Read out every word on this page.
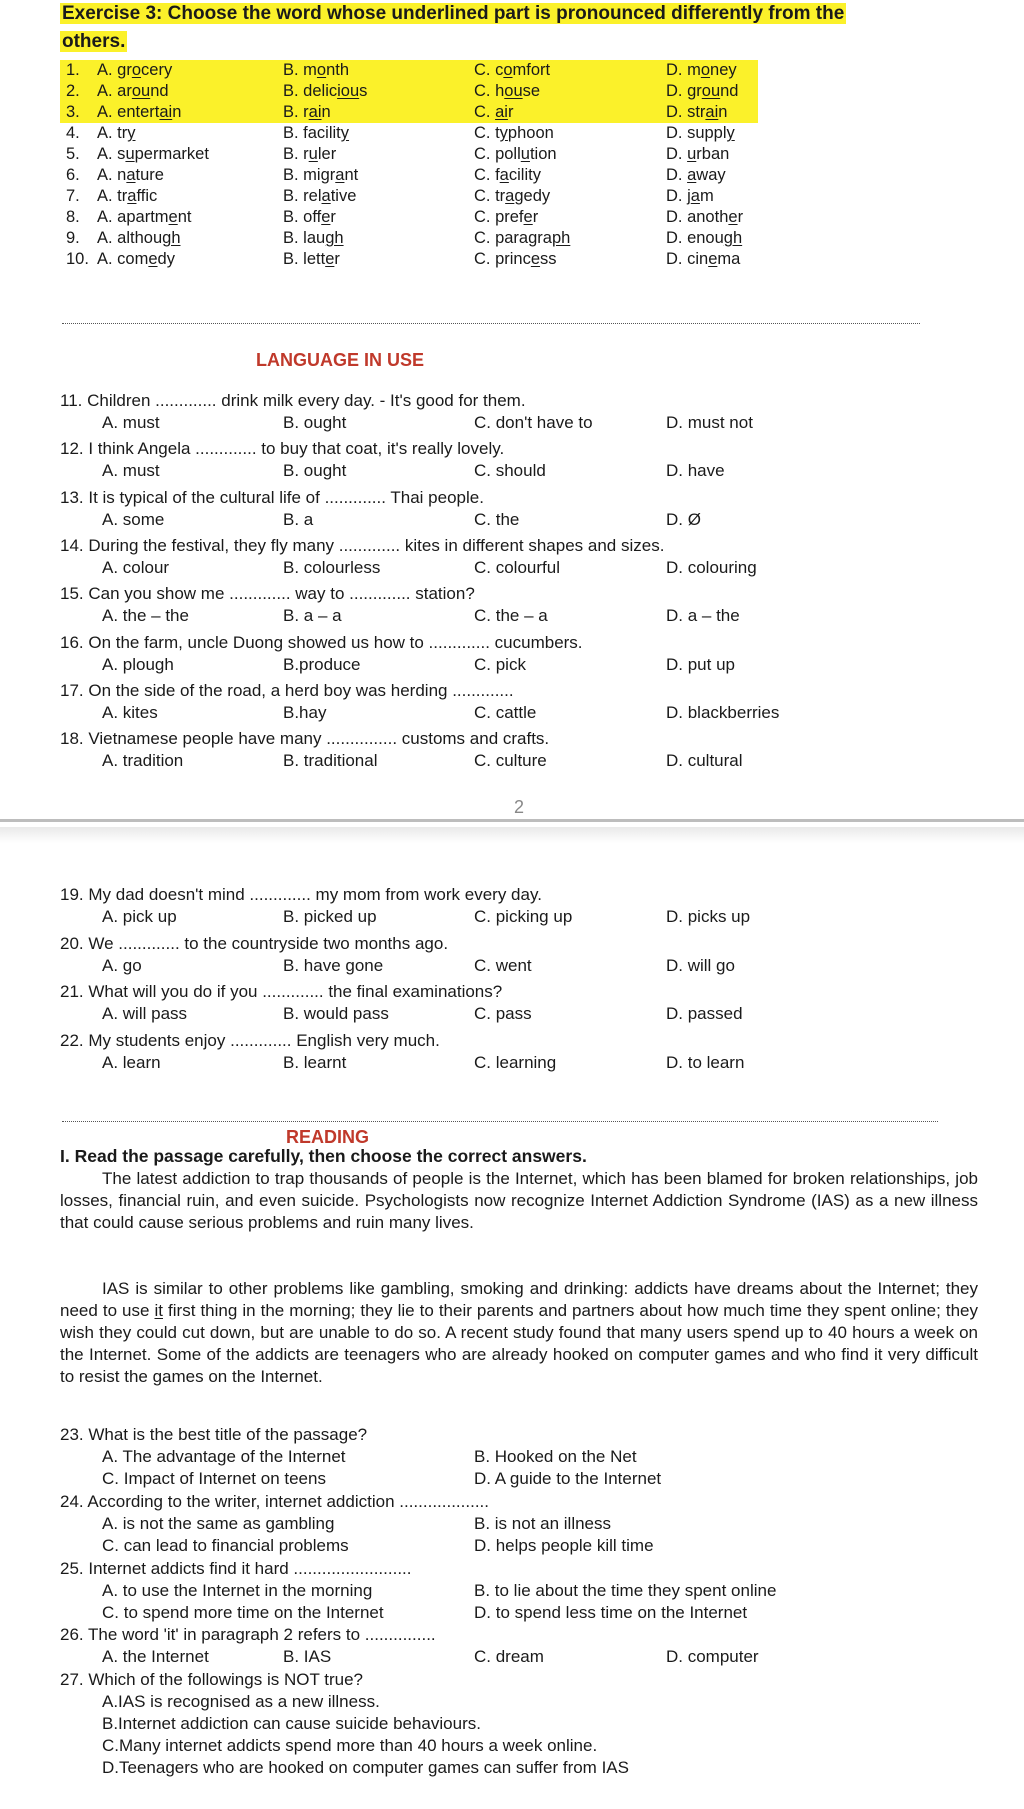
Exercise 3: Choose the word whose underlined part is pronounced differently from the
others.
1. A. grocery	B. month	C. comfort	D. money
2. A. around	B. delicious	C. house	D. ground
3. A. entertain	B. rain	C. air	D. strain
4. A. try	B. facility	C. typhoon	D. supply
5. A. supermarket	B. ruler	C. pollution	D. urban
6. A. nature	B. migrant	C. facility	D. away
7. A. traffic	B. relative	C. tragedy	D. jam
8. A. apartment	B. offer	C. prefer	D. another
9. A. although	B. laugh	C. paragraph	D. enough
10. A. comedy	B. letter	C. princess	D. cinema
LANGUAGE IN USE
11. Children ............. drink milk every day. - It's good for them.
A. must	B. ought	C. don't have to	D. must not
12. I think Angela ............. to buy that coat, it's really lovely.
A. must	B. ought	C. should	D. have
13. It is typical of the cultural life of ............. Thai people.
A. some	B. a	C. the	D. Ø
14. During the festival, they fly many ............. kites in different shapes and sizes.
A. colour	B. colourless	C. colourful	D. colouring
15. Can you show me ............. way to ............. station?
A. the – the	B. a – a	C. the – a	D. a – the
16. On the farm, uncle Duong showed us how to ............. cucumbers.
A. plough	B.produce	C. pick	D. put up
17. On the side of the road, a herd boy was herding .............
A. kites	B.hay	C. cattle	D. blackberries
18. Vietnamese people have many ............... customs and crafts.
A. tradition	B. traditional	C. culture	D. cultural
2
19. My dad doesn't mind ............. my mom from work every day.
A. pick up	B. picked up	C. picking up	D. picks up
20. We ............. to the countryside two months ago.
A. go	B. have gone	C. went	D. will go
21. What will you do if you ............. the final examinations?
A. will pass	B. would pass	C. pass	D. passed
22. My students enjoy ............. English very much.
A. learn	B. learnt	C. learning	D. to learn
READING
I. Read the passage carefully, then choose the correct answers.
The latest addiction to trap thousands of people is the Internet, which has been blamed for broken relationships, job losses, financial ruin, and even suicide. Psychologists now recognize Internet Addiction Syndrome (IAS) as a new illness that could cause serious problems and ruin many lives.
IAS is similar to other problems like gambling, smoking and drinking: addicts have dreams about the Internet; they need to use it first thing in the morning; they lie to their parents and partners about how much time they spent online; they wish they could cut down, but are unable to do so. A recent study found that many users spend up to 40 hours a week on the Internet. Some of the addicts are teenagers who are already hooked on computer games and who find it very difficult to resist the games on the Internet.
23. What is the best title of the passage?
A. The advantage of the Internet	B. Hooked on the Net
C. Impact of Internet on teens	D. A guide to the Internet
24. According to the writer, internet addiction ...................
A. is not the same as gambling	B. is not an illness
C. can lead to financial problems	D. helps people kill time
25. Internet addicts find it hard .........................
A. to use the Internet in the morning	B. to lie about the time they spent online
C. to spend more time on the Internet	D. to spend less time on the Internet
26. The word 'it' in paragraph 2 refers to ...............
A. the Internet	B. IAS	C. dream	D. computer
27. Which of the followings is NOT true?
A.IAS is recognised as a new illness.
B.Internet addiction can cause suicide behaviours.
C.Many internet addicts spend more than 40 hours a week online.
D.Teenagers who are hooked on computer games can suffer from IAS
